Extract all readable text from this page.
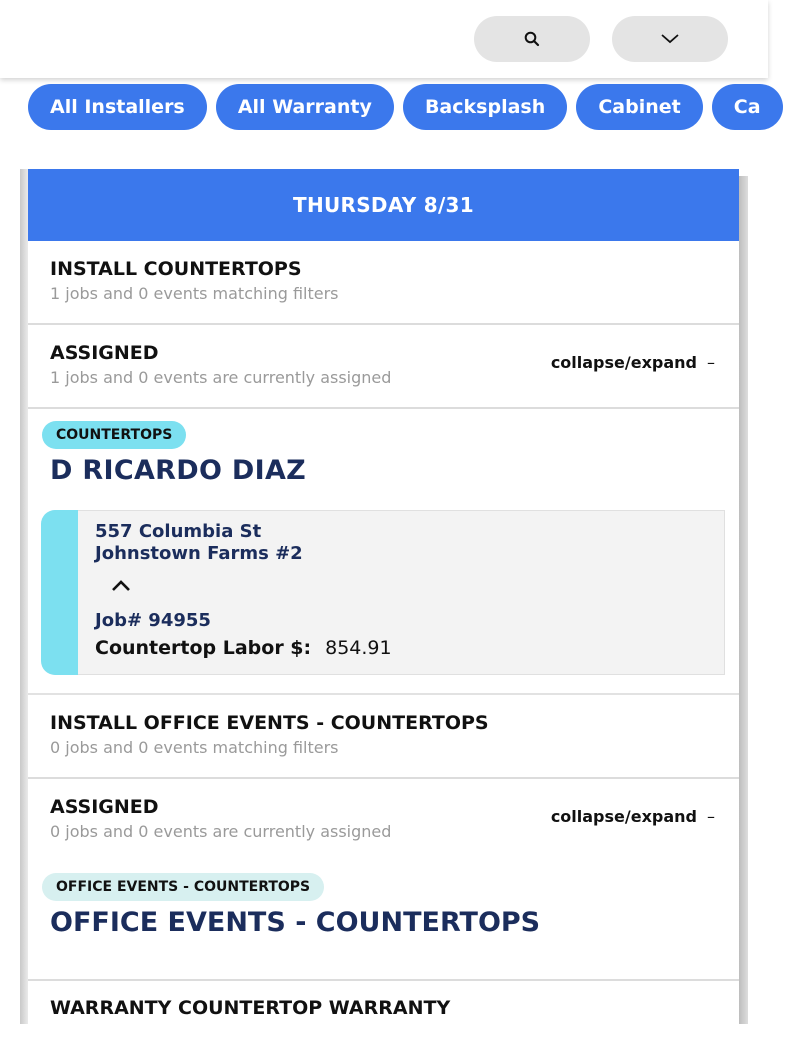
All Installers	All Warranty	Backsplash	Cabinet	Ca
THURSDAY 8/31
INSTALL COUNTERTOPS
1 jobs and 0 events matching filters
ASSIGNED
1 jobs and 0 events are currently assigned
collapse/expand –
COUNTERTOPS
D RICARDO DIAZ
557 Columbia St
Johnstown Farms #2
Job# 94955
Countertop Labor $: 854.91
INSTALL OFFICE EVENTS - COUNTERTOPS
0 jobs and 0 events matching filters
ASSIGNED
0 jobs and 0 events are currently assigned
collapse/expand –
OFFICE EVENTS - COUNTERTOPS
OFFICE EVENTS - COUNTERTOPS
WARRANTY COUNTERTOP WARRANTY
